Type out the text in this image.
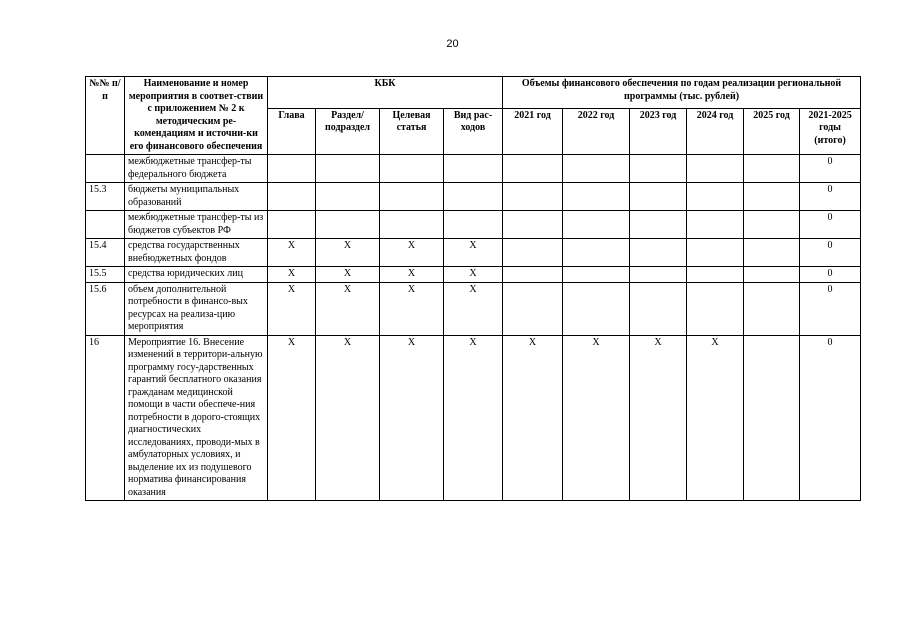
20
№№ п/п	Наименование и номер мероприятия в соответ-ствии с приложением № 2 к методическим ре-комендациям и источни-ки его финансового обеспечения	КБК				Объемы финансового обеспечения по годам реализации региональной программы (тыс. рублей)					
		Глава	Раздел/ подраздел	Целевая статья	Вид рас-ходов	2021 год	2022 год	2023 год	2024 год	2025 год	2021-2025 годы (итого)
	межбюджетные трансфер-ты федерального бюджета										0
15.3	бюджеты муниципальных образований										0
	межбюджетные трансфер-ты из бюджетов субъектов РФ										0
15.4	средства государственных внебюджетных фондов	X	X	X	X						0
15.5	средства юридических лиц	X	X	X	X						0
15.6	объем дополнительной потребности в финансо-вых ресурсах на реализа-цию мероприятия	X	X	X	X						0
16	Мероприятие 16. Внесение изменений в территори-альную программу госу-дарственных гарантий бесплатного оказания гражданам медицинской помощи в части обеспече-ния потребности в дорого-стоящих диагностических исследованиях, проводи-мых в амбулаторных условиях, и выделение их из подушевого норматива финансирования оказания	X	X	X	X	X	X	X	X		0
